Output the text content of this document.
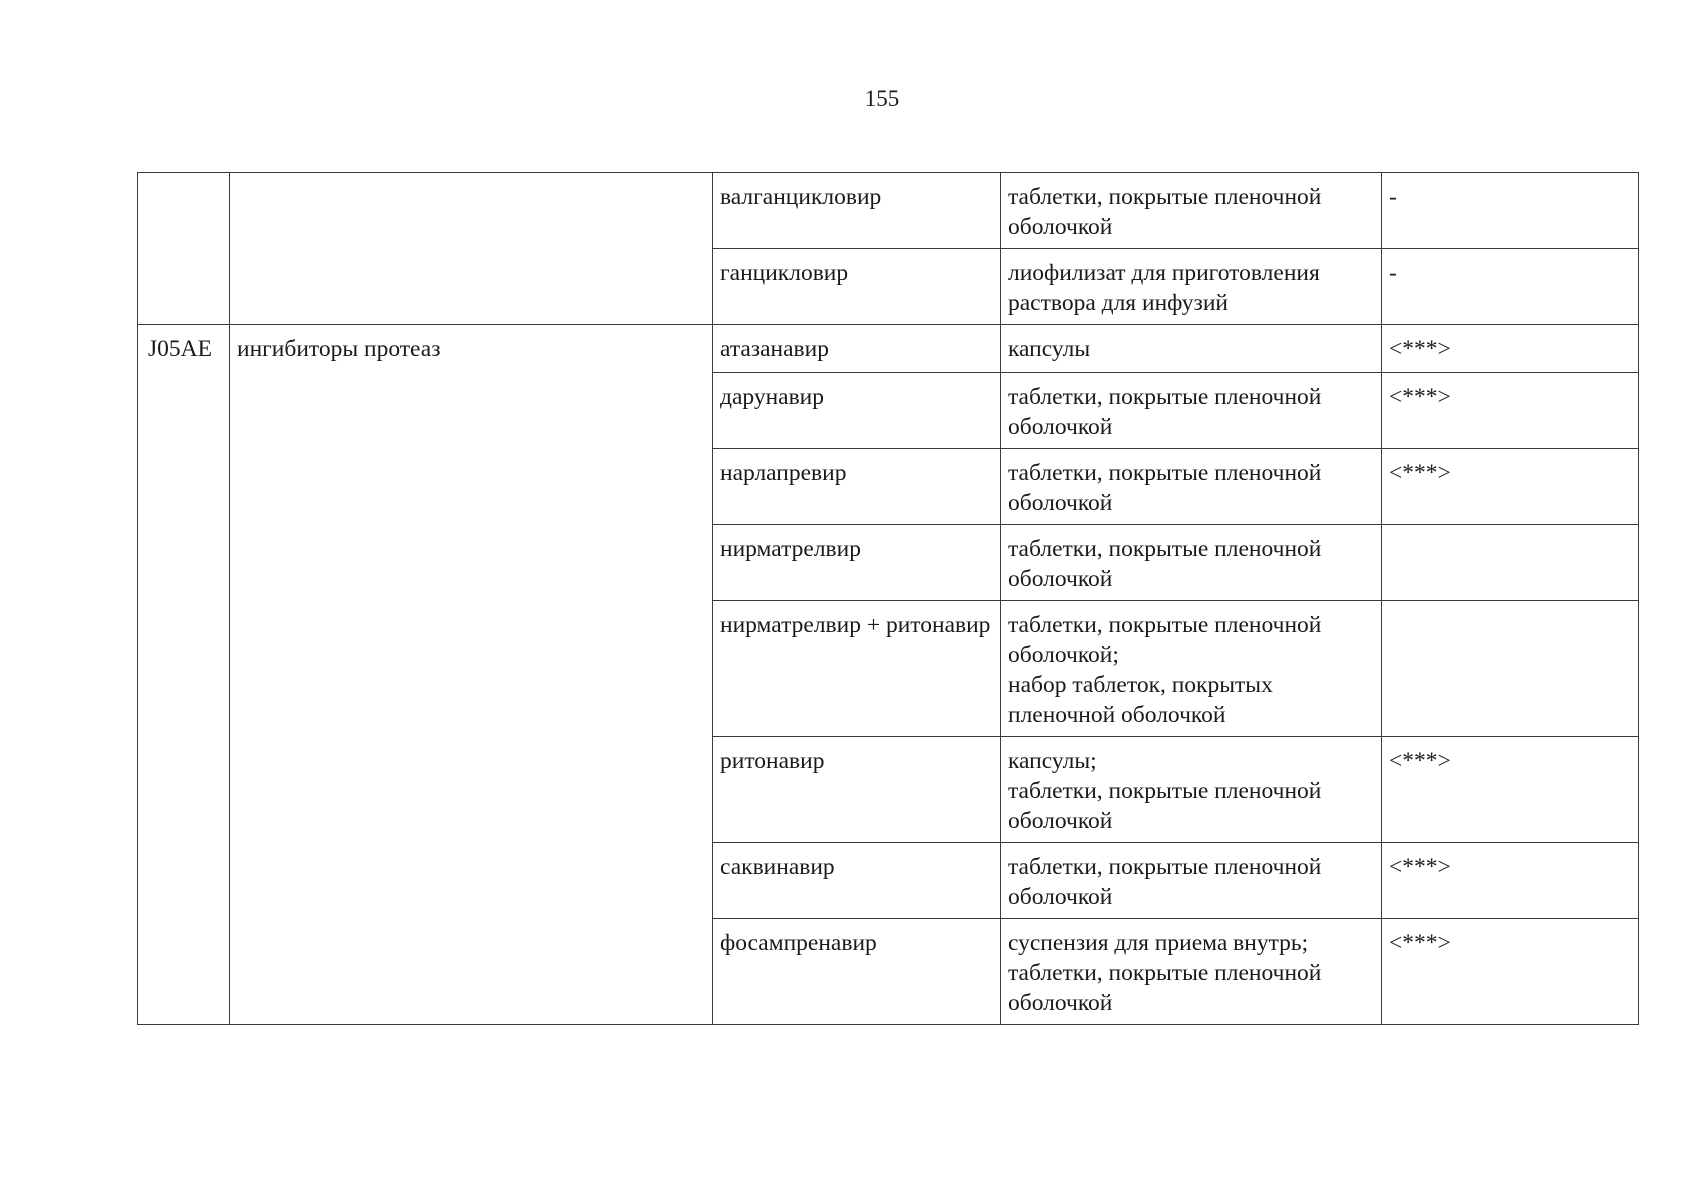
155

		валганцикловир	таблетки, покрытые пленочной оболочкой	-

		ганцикловир	лиофилизат для приготовления раствора для инфузий	-
J05AE	ингибиторы протеаз	атазанавир	капсулы	<***>

		дарунавир	таблетки, покрытые пленочной оболочкой	<***>

		нарлапревир	таблетки, покрытые пленочной оболочкой	<***>

		нирматрелвир	таблетки, покрытые пленочной оболочкой	

		нирматрелвир + ритонавир	таблетки, покрытые пленочной оболочкой;
набор таблеток, покрытых пленочной оболочкой	

		ритонавир	капсулы;
таблетки, покрытые пленочной оболочкой	<***>

		саквинавир	таблетки, покрытые пленочной оболочкой	<***>

		фосампренавир	суспензия для приема внутрь;
таблетки, покрытые пленочной оболочкой	<***>
